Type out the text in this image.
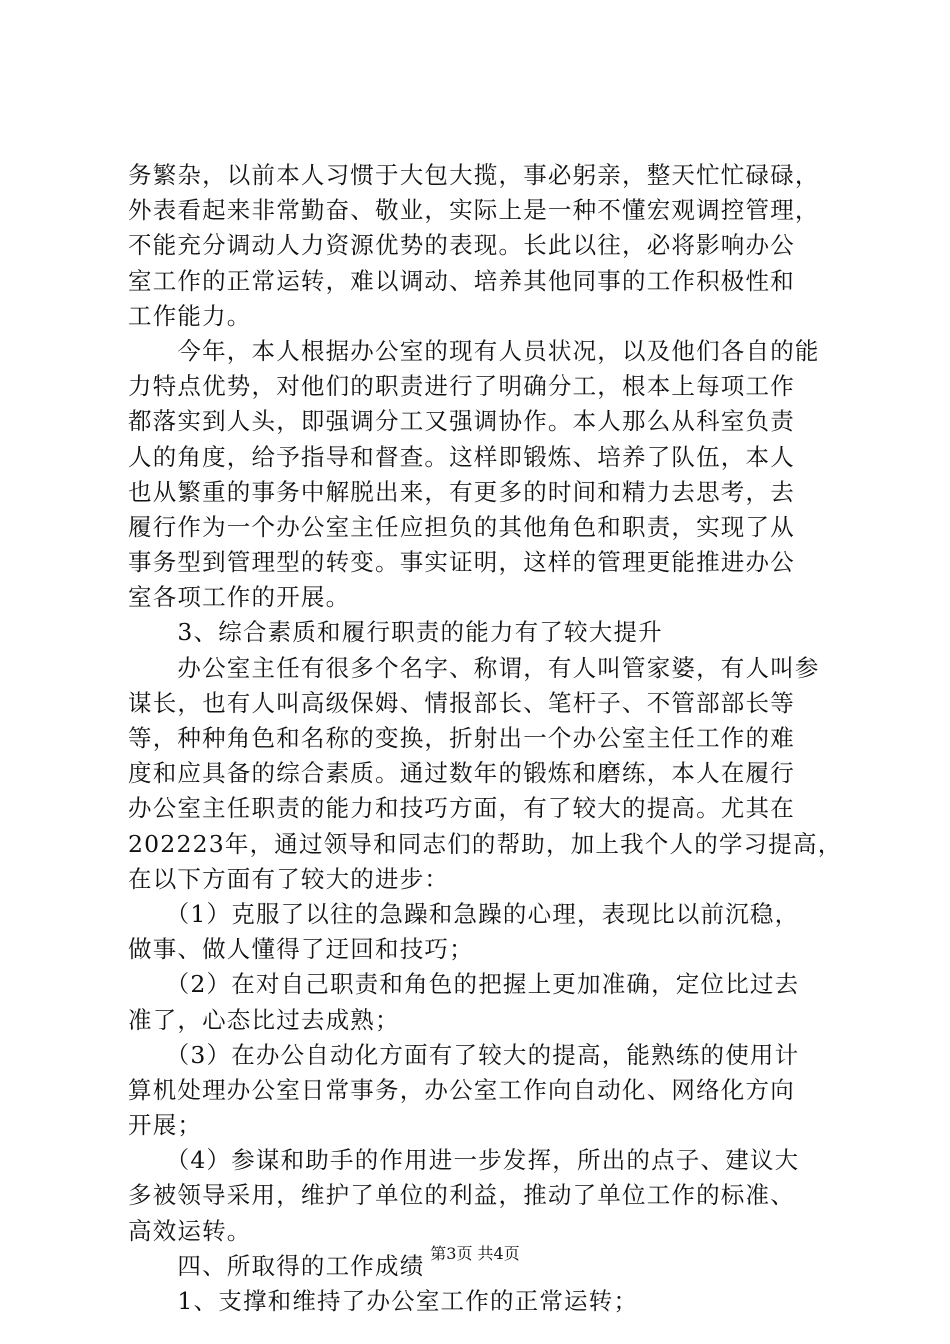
务繁杂，以前本人习惯于大包大揽，事必躬亲，整天忙忙碌碌，
外表看起来非常勤奋、敬业，实际上是一种不懂宏观调控管理，
不能充分调动人力资源优势的表现。长此以往，必将影响办公
室工作的正常运转，难以调动、培养其他同事的工作积极性和
工作能力。
　　今年，本人根据办公室的现有人员状况，以及他们各自的能
力特点优势，对他们的职责进行了明确分工，根本上每项工作
都落实到人头，即强调分工又强调协作。本人那么从科室负责
人的角度，给予指导和督查。这样即锻炼、培养了队伍，本人
也从繁重的事务中解脱出来，有更多的时间和精力去思考，去
履行作为一个办公室主任应担负的其他角色和职责，实现了从
事务型到管理型的转变。事实证明，这样的管理更能推进办公
室各项工作的开展。
　　3、综合素质和履行职责的能力有了较大提升
　　办公室主任有很多个名字、称谓，有人叫管家婆，有人叫参
谋长，也有人叫高级保姆、情报部长、笔杆子、不管部部长等
等，种种角色和名称的变换，折射出一个办公室主任工作的难
度和应具备的综合素质。通过数年的锻炼和磨练，本人在履行
办公室主任职责的能力和技巧方面，有了较大的提高。尤其在
202223年，通过领导和同志们的帮助，加上我个人的学习提高，
在以下方面有了较大的进步：
　　（1）克服了以往的急躁和急躁的心理，表现比以前沉稳，
做事、做人懂得了迂回和技巧；
　　（2）在对自己职责和角色的把握上更加准确，定位比过去
准了，心态比过去成熟；
　　（3）在办公自动化方面有了较大的提高，能熟练的使用计
算机处理办公室日常事务，办公室工作向自动化、网络化方向
开展；
　　（4）参谋和助手的作用进一步发挥，所出的点子、建议大
多被领导采用，维护了单位的利益，推动了单位工作的标准、
高效运转。
　　四、所取得的工作成绩
　　1、支撑和维持了办公室工作的正常运转；
第3页 共4页
